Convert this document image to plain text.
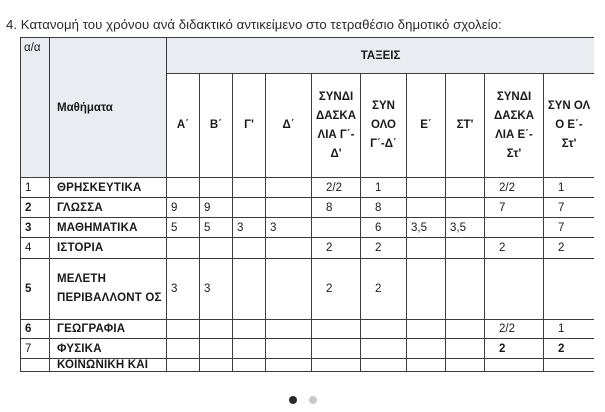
4. Κατανομή του χρόνου ανά διδακτικό αντικείμενο στο τετραθέσιο δημοτικό σχολείο:
α/α	Μαθήματα	ΤΑΞΕΙΣ									
		Α΄	Β΄	Γ'	Δ΄	ΣΥΝΔΙ ΔΑΣΚΑ ΛΙΑ Γ΄- Δ'	ΣΥΝ ΟΛΟ Γ΄-Δ΄	Ε΄	ΣΤ'	ΣΥΝΔΙ ΔΑΣΚΑ ΛΙΑ Ε΄-Στ'	ΣΥΝ ΟΛ Ο Ε΄- Στ'
1	ΘΡΗΣΚΕΥΤΙΚΑ					2/2	1			2/2	1
2	ΓΛΩΣΣΑ	9	9			8	8			7	7
3	ΜΑΘΗΜΑΤΙΚΑ	5	5	3	3		6	3,5	3,5		7
4	ΙΣΤΟΡΙΑ					2	2			2	2
5	ΜΕΛΕΤΗ ΠΕΡΙΒΑΛΛΟΝΤ ΟΣ	3	3			2	2				
6	ΓΕΩΓΡΑΦΙΑ									2/2	1
7	ΦΥΣΙΚΑ									2	2
	ΚΟΙΝΩΝΙΚΗ ΚΑΙ										
